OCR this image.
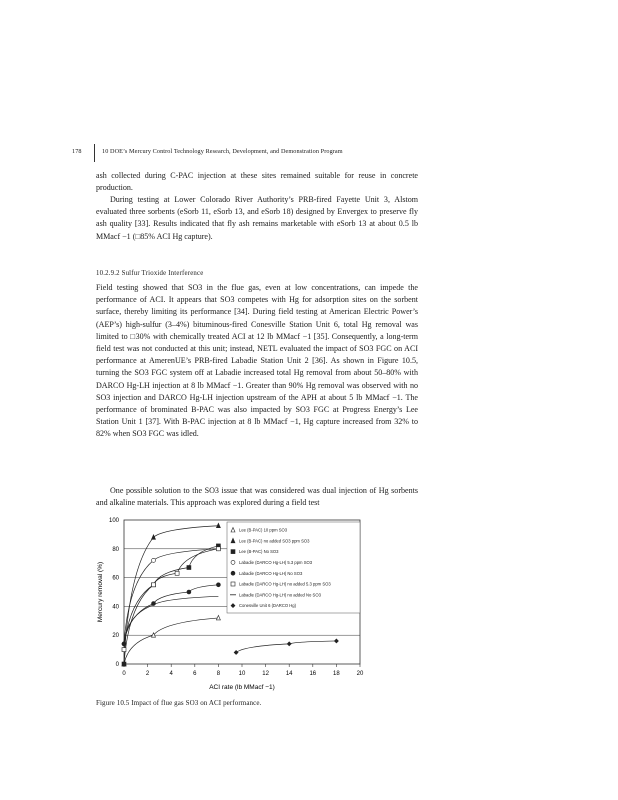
178	10 DOE’s Mercury Control Technology Research, Development, and Demonstration Program

ash collected during C-PAC injection at these sites remained suitable for reuse in concrete production.

During testing at Lower Colorado River Authority’s PRB-fired Fayette Unit 3, Alstom evaluated three sorbents (eSorb 11, eSorb 13, and eSorb 18) designed by Envergex to preserve fly ash quality [33]. Results indicated that fly ash remains marketable with eSorb 13 at about 0.5 lb MMacf −1 (□85% ACI Hg capture).

10.2.9.2 Sulfur Trioxide Interference

Field testing showed that SO3 in the flue gas, even at low concentrations, can impede the performance of ACI. It appears that SO3 competes with Hg for adsorption sites on the sorbent surface, thereby limiting its performance [34]. During field testing at American Electric Power’s (AEP’s) high-sulfur (3–4%) bituminous-fired Conesville Station Unit 6, total Hg removal was limited to □30% with chemically treated ACI at 12 lb MMacf −1 [35]. Consequently, a long-term field test was not conducted at this unit; instead, NETL evaluated the impact of SO3 FGC on ACI performance at AmerenUE’s PRB-fired Labadie Station Unit 2 [36]. As shown in Figure 10.5, turning the SO3 FGC system off at Labadie increased total Hg removal from about 50–80% with DARCO Hg-LH injection at 8 lb MMacf −1. Greater than 90% Hg removal was observed with no SO3 injection and DARCO Hg-LH injection upstream of the APH at about 5 lb MMacf −1. The performance of brominated B-PAC was also impacted by SO3 FGC at Progress Energy’s Lee Station Unit 1 [37]. With B-PAC injection at 8 lb MMacf −1, Hg capture increased from 32% to 82% when SO3 FGC was idled.

One possible solution to the SO3 issue that was considered was dual injection of Hg sorbents and alkaline materials. This approach was explored during a field test

0
20
40
60
80
100
0	2	4	6	8	10	12	14	16	18	20
Lee (B-PAC) 10 ppm SO3
Lee (B-PAC) no added SO3 ppm SO3
Lee (B-PAC) No SO3
Labadie (DARCO Hg-LH) 5.3 ppm SO3
Labadie (DARCO Hg-LH) No SO3
Labadie (DARCO Hg-LH) no added 5.3 ppm SO3
Labadie (DARCO Hg-LH) no added No SO3
Conesville Unit 6 (DARCO Hg)
Mercury removal (%)
ACI rate (lb MMacf −1)
Figure 10.5 Impact of flue gas SO3 on ACI performance.
